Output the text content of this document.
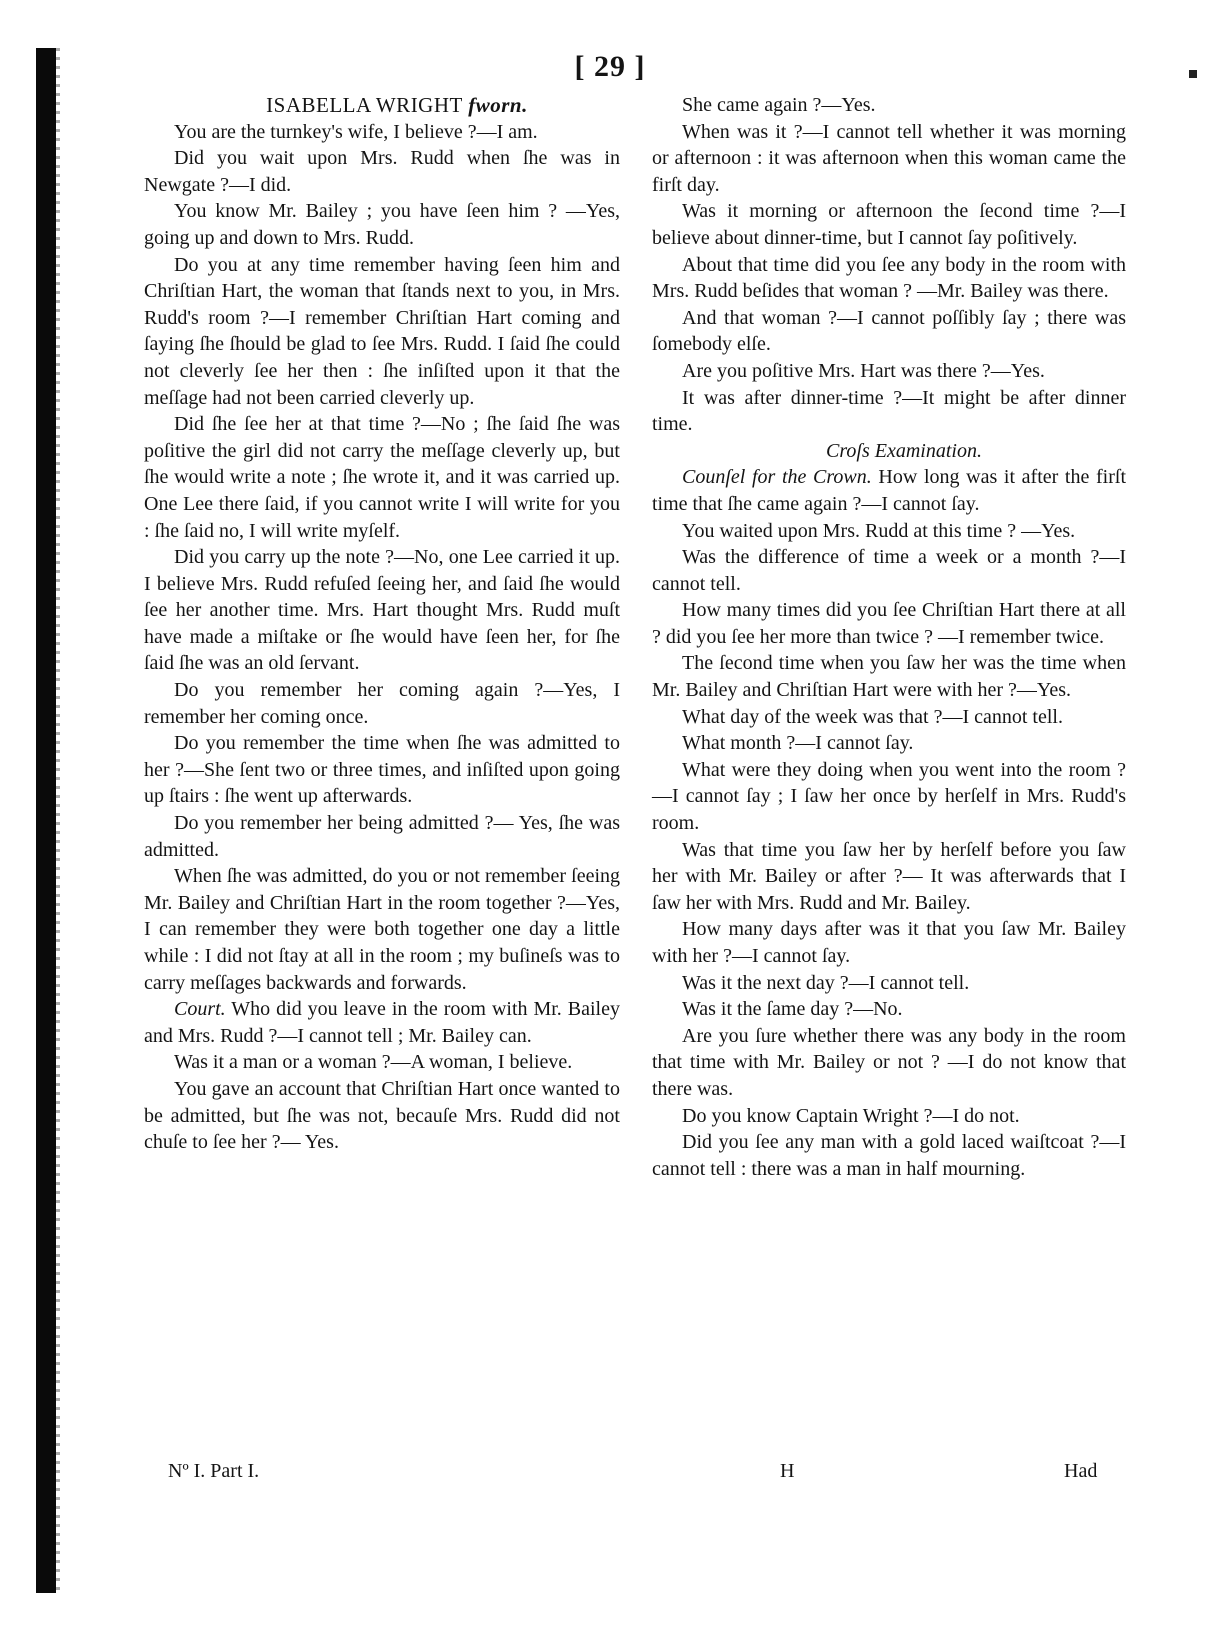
[ 29 ]

ISABELLA WRIGHT fworn.

You are the turnkey's wife, I believe ?—I am.

Did you wait upon Mrs. Rudd when ſhe was in Newgate ?—I did.

You know Mr. Bailey ; you have ſeen him ? —Yes, going up and down to Mrs. Rudd.

Do you at any time remember having ſeen him and Chriſtian Hart, the woman that ſtands next to you, in Mrs. Rudd's room ?—I remember Chriſtian Hart coming and ſaying ſhe ſhould be glad to ſee Mrs. Rudd. I ſaid ſhe could not cleverly ſee her then : ſhe inſiſted upon it that the meſſage had not been carried cleverly up.

Did ſhe ſee her at that time ?—No ; ſhe ſaid ſhe was poſitive the girl did not carry the meſſage cleverly up, but ſhe would write a note ; ſhe wrote it, and it was carried up. One Lee there ſaid, if you cannot write I will write for you : ſhe ſaid no, I will write myſelf.

Did you carry up the note ?—No, one Lee carried it up. I believe Mrs. Rudd refuſed ſeeing her, and ſaid ſhe would ſee her another time. Mrs. Hart thought Mrs. Rudd muſt have made a miſtake or ſhe would have ſeen her, for ſhe ſaid ſhe was an old ſervant.

Do you remember her coming again ?—Yes, I remember her coming once.

Do you remember the time when ſhe was admitted to her ?—She ſent two or three times, and inſiſted upon going up ſtairs : ſhe went up afterwards.

Do you remember her being admitted ?— Yes, ſhe was admitted.

When ſhe was admitted, do you or not remember ſeeing Mr. Bailey and Chriſtian Hart in the room together ?—Yes, I can remember they were both together one day a little while : I did not ſtay at all in the room ; my buſineſs was to carry meſſages backwards and forwards.

Court. Who did you leave in the room with Mr. Bailey and Mrs. Rudd ?—I cannot tell ; Mr. Bailey can.

Was it a man or a woman ?—A woman, I believe.

You gave an account that Chriſtian Hart once wanted to be admitted, but ſhe was not, becauſe Mrs. Rudd did not chuſe to ſee her ?— Yes.

She came again ?—Yes.

When was it ?—I cannot tell whether it was morning or afternoon : it was afternoon when this woman came the firſt day.

Was it morning or afternoon the ſecond time ?—I believe about dinner-time, but I cannot ſay poſitively.

About that time did you ſee any body in the room with Mrs. Rudd beſides that woman ? —Mr. Bailey was there.

And that woman ?—I cannot poſſibly ſay ; there was ſomebody elſe.

Are you poſitive Mrs. Hart was there ?—Yes.

It was after dinner-time ?—It might be after dinner time.

Croſs Examination.

Counſel for the Crown. How long was it after the firſt time that ſhe came again ?—I cannot ſay.

You waited upon Mrs. Rudd at this time ? —Yes.

Was the difference of time a week or a month ?—I cannot tell.

How many times did you ſee Chriſtian Hart there at all ? did you ſee her more than twice ? —I remember twice.

The ſecond time when you ſaw her was the time when Mr. Bailey and Chriſtian Hart were with her ?—Yes.

What day of the week was that ?—I cannot tell.

What month ?—I cannot ſay.

What were they doing when you went into the room ?—I cannot ſay ; I ſaw her once by herſelf in Mrs. Rudd's room.

Was that time you ſaw her by herſelf before you ſaw her with Mr. Bailey or after ?— It was afterwards that I ſaw her with Mrs. Rudd and Mr. Bailey.

How many days after was it that you ſaw Mr. Bailey with her ?—I cannot ſay.

Was it the next day ?—I cannot tell.

Was it the ſame day ?—No.

Are you ſure whether there was any body in the room that time with Mr. Bailey or not ? —I do not know that there was.

Do you know Captain Wright ?—I do not.

Did you ſee any man with a gold laced waiſtcoat ?—I cannot tell : there was a man in half mourning.

Nº I. Part I.	H	Had
